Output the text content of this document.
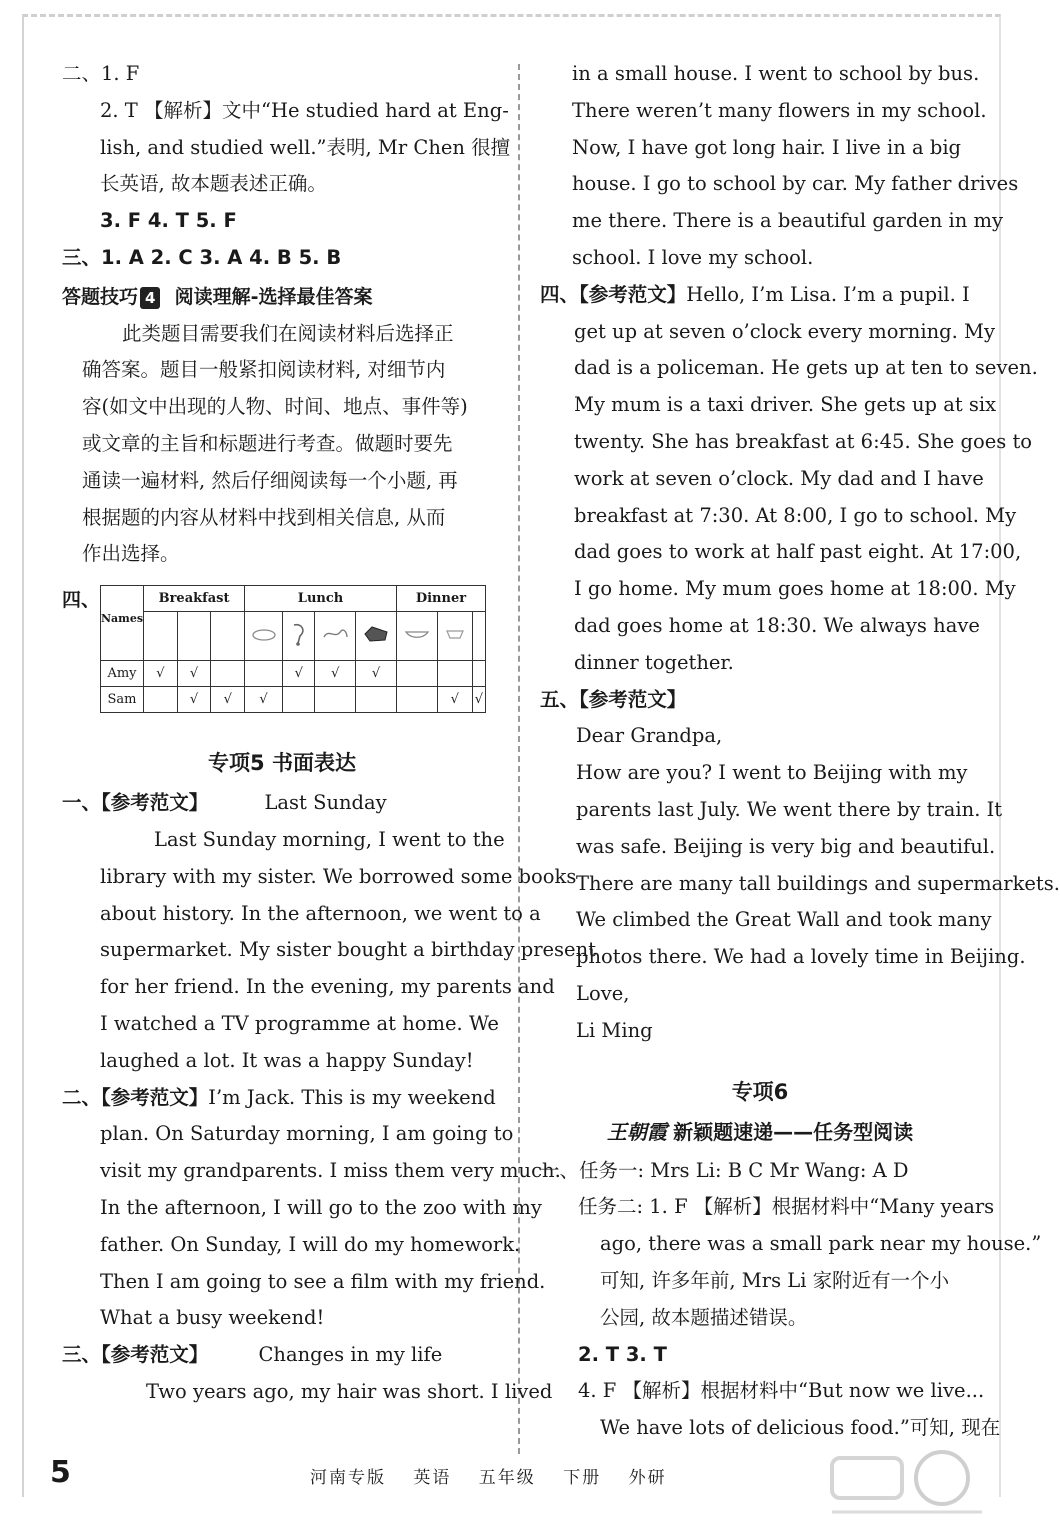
二、1. F
2. T 【解析】文中“He studied hard at Eng-
lish, and studied well.”表明, Mr Chen 很擅
长英语, 故本题表述正确。
3. F 4. T 5. F
三、1. A 2. C 3. A 4. B 5. B
答题技巧 4 阅读理解-选择最佳答案
此类题目需要我们在阅读材料后选择正
确答案。题目一般紧扣阅读材料, 对细节内
容(如文中出现的人物、时间、地点、事件等)
或文章的主旨和标题进行考查。做题时要先
通读一遍材料, 然后仔细阅读每一个小题, 再
根据题的内容从材料中找到相关信息, 从而
作出选择。
四、
Names	Breakfast			Lunch				Dinner		

Amy	√	√			√	√	√			
Sam		√	√	√					√	√
专项5 书面表达
一、【参考范文】	Last Sunday
Last Sunday morning, I went to the
library with my sister. We borrowed some books
about history. In the afternoon, we went to a
supermarket. My sister bought a birthday present
for her friend. In the evening, my parents and
I watched a TV programme at home. We
laughed a lot. It was a happy Sunday!
二、【参考范文】I’m Jack. This is my weekend
plan. On Saturday morning, I am going to
visit my grandparents. I miss them very much.
In the afternoon, I will go to the zoo with my
father. On Sunday, I will do my homework.
Then I am going to see a film with my friend.
What a busy weekend!
三、【参考范文】	Changes in my life
Two years ago, my hair was short. I lived
in a small house. I went to school by bus.
There weren’t many flowers in my school.
Now, I have got long hair. I live in a big
house. I go to school by car. My father drives
me there. There is a beautiful garden in my
school. I love my school.
四、【参考范文】Hello, I’m Lisa. I’m a pupil. I
get up at seven o’clock every morning. My
dad is a policeman. He gets up at ten to seven.
My mum is a taxi driver. She gets up at six
twenty. She has breakfast at 6:45. She goes to
work at seven o’clock. My dad and I have
breakfast at 7:30. At 8:00, I go to school. My
dad goes to work at half past eight. At 17:00,
I go home. My mum goes home at 18:00. My
dad goes home at 18:30. We always have
dinner together.
五、【参考范文】
Dear Grandpa,
How are you? I went to Beijing with my
parents last July. We went there by train. It
was safe. Beijing is very big and beautiful.
There are many tall buildings and supermarkets.
We climbed the Great Wall and took many
photos there. We had a lovely time in Beijing.
Love,
Li Ming
专项6
王朝霞 新颖题速递——任务型阅读
一、任务一: Mrs Li: B C Mr Wang: A D
任务二: 1. F 【解析】根据材料中“Many years
ago, there was a small park near my house.”
可知, 许多年前, Mrs Li 家附近有一个小
公园, 故本题描述错误。
2. T 3. T
4. F 【解析】根据材料中“But now we live...
We have lots of delicious food.”可知, 现在
5	河南专版 英语 五年级 下册 外研
